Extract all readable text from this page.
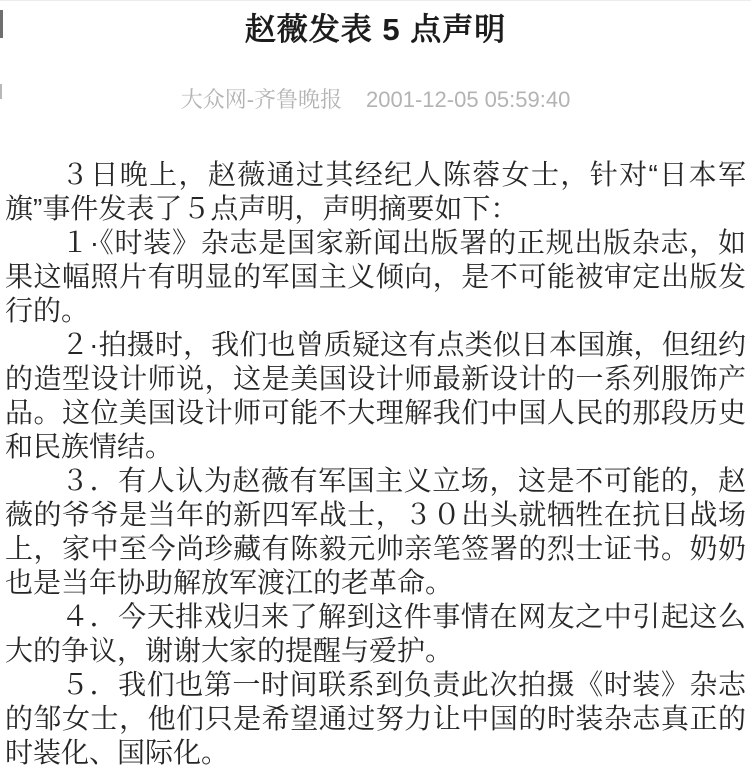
赵薇发表 5 点声明
大众网-齐鲁晚报 2001-12-05 05:59:40

３日晚上，赵薇通过其经纪人陈蓉女士，针对“日本军旗”事件发表了５点声明，声明摘要如下：

１·《时装》杂志是国家新闻出版署的正规出版杂志，如果这幅照片有明显的军国主义倾向，是不可能被审定出版发行的。

２·拍摄时，我们也曾质疑这有点类似日本国旗，但纽约的造型设计师说，这是美国设计师最新设计的一系列服饰产品。这位美国设计师可能不大理解我们中国人民的那段历史和民族情结。

３．有人认为赵薇有军国主义立场，这是不可能的，赵薇的爷爷是当年的新四军战士，３０出头就牺牲在抗日战场上，家中至今尚珍藏有陈毅元帅亲笔签署的烈士证书。奶奶也是当年协助解放军渡江的老革命。

４．今天排戏归来了解到这件事情在网友之中引起这么大的争议，谢谢大家的提醒与爱护。

５．我们也第一时间联系到负责此次拍摄《时装》杂志的邹女士，他们只是希望通过努力让中国的时装杂志真正的时装化、国际化。
